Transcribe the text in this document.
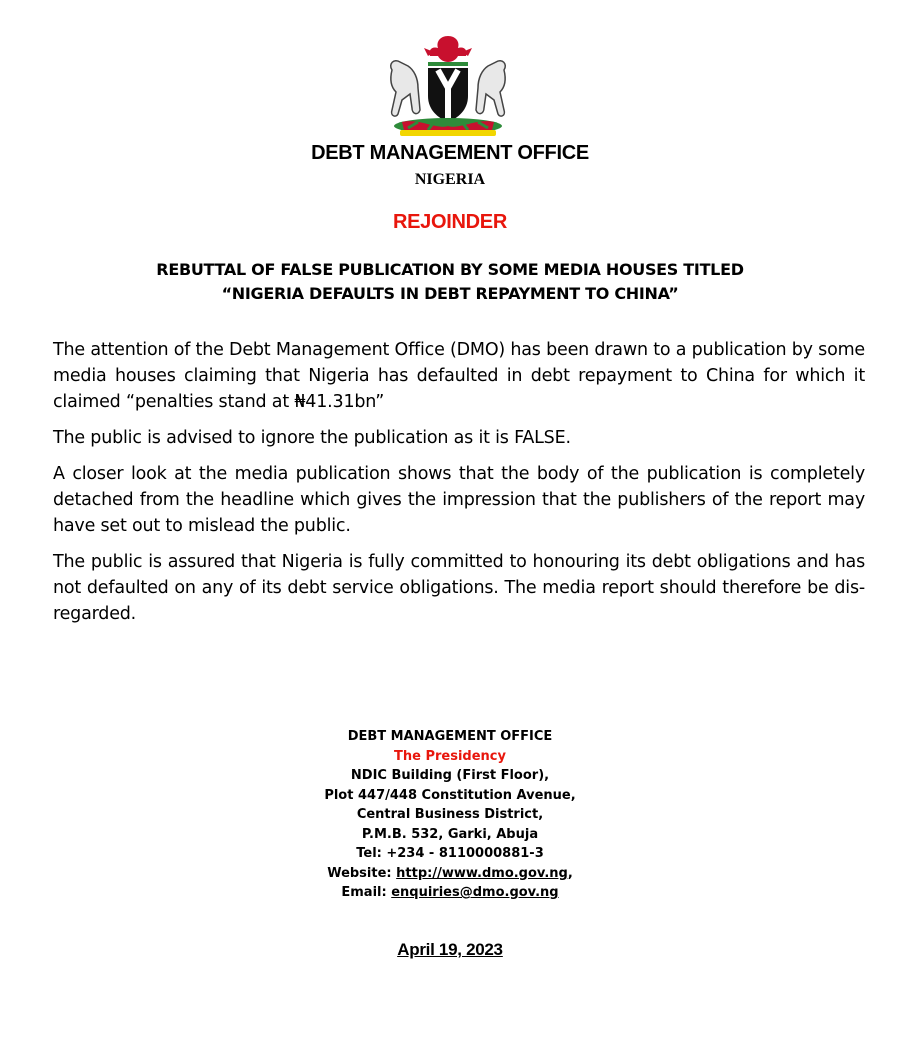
DEBT MANAGEMENT OFFICE
NIGERIA
REJOINDER
REBUTTAL OF FALSE PUBLICATION BY SOME MEDIA HOUSES TITLED
“NIGERIA DEFAULTS IN DEBT REPAYMENT TO CHINA”

The attention of the Debt Management Office (DMO) has been drawn to a publication by some media houses claiming that Nigeria has defaulted in debt repayment to China for which it claimed “penalties stand at ₦41.31bn”

The public is advised to ignore the publication as it is FALSE.

A closer look at the media publication shows that the body of the publication is completely detached from the headline which gives the impression that the publishers of the report may have set out to mislead the public.

The public is assured that Nigeria is fully committed to honouring its debt obligations and has not defaulted on any of its debt service obligations. The media report should therefore be dis-regarded.

DEBT MANAGEMENT OFFICE
The Presidency
NDIC Building (First Floor),
Plot 447/448 Constitution Avenue,
Central Business District,
P.M.B. 532, Garki, Abuja
Tel: +234 - 8110000881-3
Website: http://www.dmo.gov.ng,
Email: enquiries@dmo.gov.ng
April 19, 2023
